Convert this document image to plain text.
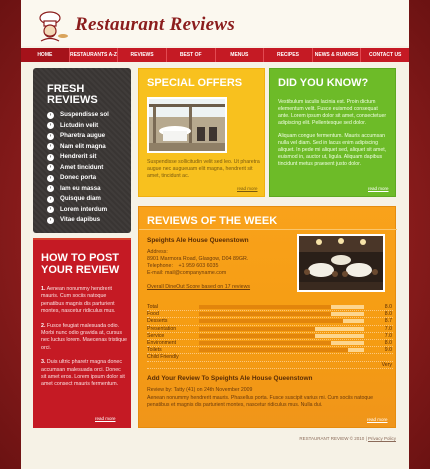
Restaurant Reviews
HOME	RESTAURANTS A-Z	REVIEWS	BEST OF	MENUS	RECIPES	NEWS & RUMORS	CONTACT US
FRESH REVIEWS
›	Suspendisse sol
›	Lictudin velit
›	Pharetra augue
›	Nam elit magna
›	Hendrerit sit
›	Amet tincidunt
›	Donec porta
›	Iam eu massa
›	Quisque diam
›	Lorem interdum
›	Vitae dapibus
HOW TO POST YOUR REVIEW

1. Aenean nonummy hendrerit mauris. Cum sociis natoque penatibus magnis dis parturient montes, nascetur ridiculus mus.

2. Fusce feugiat malesuada odio. Morbi nunc odio gravida at, cursus nec luctus lorem. Maecenas tristique orci.

3. Duis ultric pharetr magna donec accumsan malesuada orci. Donec sit amet eros. Lorem ipsum dolor sit amet consect mauris fermentum.

read more
SPECIAL OFFERS
Suspendisse sollicitudin velit sed leo. Ut pharetra augue nec augueuam elit magna, hendrerit sit amet, tincidunt ac.
read more
DID YOU KNOW?

Vestibulum iaculis lacinia est. Proin dictum elementum velit. Fusce euismod consequat ante. Lorem ipsum dolor sit amet, consectetuer adipiscing elit. Pellentesque sed dolor.

Aliquam congue fermentum. Mauris accumsan nulla vel diam. Sed in lacus enim adipiscing aliquet. In pede mi aliquet sed, aliquet sit amet, euismod in, auctor ut, ligula. Aliquam dapibus tincidunt metus praesent justo dolor.

read more
REVIEWS OF THE WEEK
Speights Ale House Queenstown
Address:
8901 Marmora Road, Glasgow, D04 89GR.
Telephone: +1 959 603 6035
E-mail: mail@companyname.com
Overall DineOut Score based on 17 reviews
Total	8.0
Food	8.0
Desserts	8.7
Presentation	7.0
Service	7.0
Environment	8.0
Toilets	9.0
Child Friendly
Very
Add Your Review To Speights Ale House Queenstown
Review by: Tatty (41) on 24th November 2009
Aenean nonummy hendrerit mauris. Phasellus porta. Fusce suscipit varius mi. Cum sociis natoque penatibus et magnis dis parturient montes, nascetur ridiculus mus. Nulla dui.
read more
RESTAURANT REVIEW © 2010 | Privacy Policy
